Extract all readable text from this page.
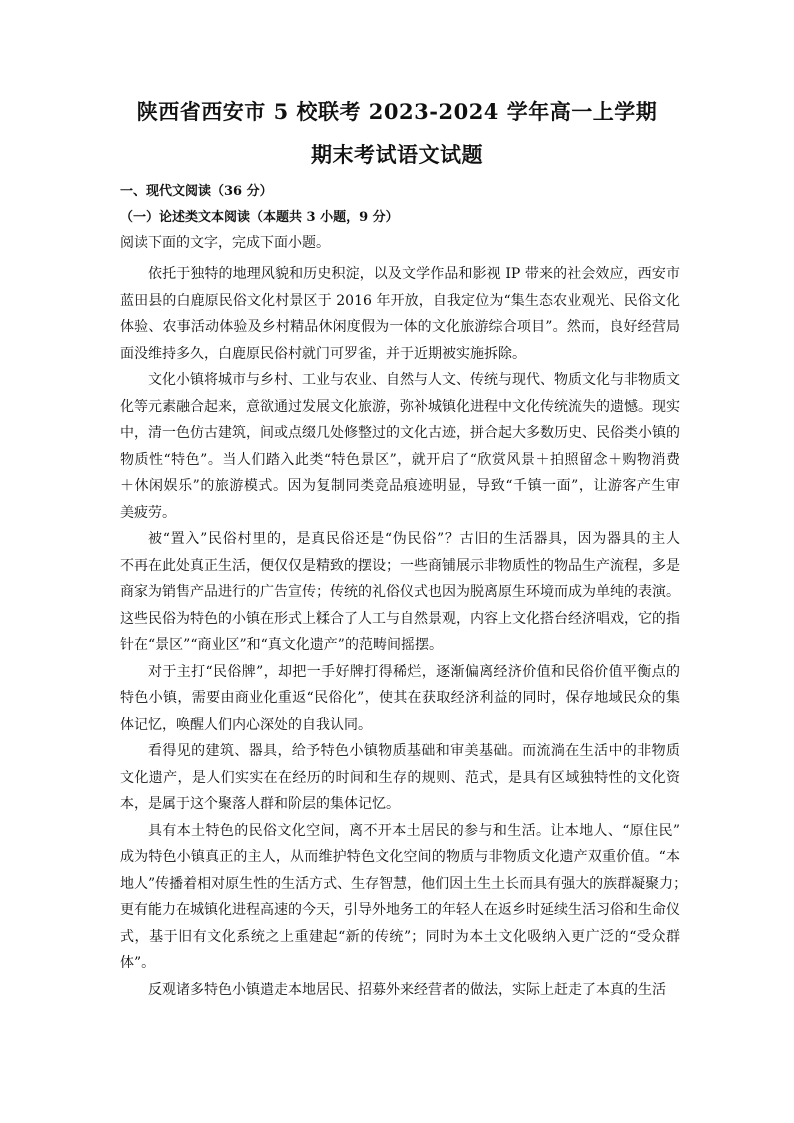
陕西省西安市 5 校联考 2023-2024 学年高一上学期
期末考试语文试题
一、现代文阅读（36 分）
（一）论述类文本阅读（本题共 3 小题，9 分）
阅读下面的文字，完成下面小题。
依托于独特的地理风貌和历史积淀，以及文学作品和影视 IP 带来的社会效应，西安市
蓝田县的白鹿原民俗文化村景区于 2016 年开放，自我定位为“集生态农业观光、民俗文化
体验、农事活动体验及乡村精品休闲度假为一体的文化旅游综合项目”。然而，良好经营局
面没维持多久，白鹿原民俗村就门可罗雀，并于近期被实施拆除。
文化小镇将城市与乡村、工业与农业、自然与人文、传统与现代、物质文化与非物质文
化等元素融合起来，意欲通过发展文化旅游，弥补城镇化进程中文化传统流失的遗憾。现实
中，清一色仿古建筑，间或点缀几处修整过的文化古迹，拼合起大多数历史、民俗类小镇的
物质性“特色”。当人们踏入此类“特色景区”，就开启了“欣赏风景＋拍照留念＋购物消费
＋休闲娱乐”的旅游模式。因为复制同类竞品痕迹明显，导致“千镇一面”，让游客产生审
美疲劳。
被“置入”民俗村里的，是真民俗还是“伪民俗”？古旧的生活器具，因为器具的主人
不再在此处真正生活，便仅仅是精致的摆设；一些商铺展示非物质性的物品生产流程，多是
商家为销售产品进行的广告宣传；传统的礼俗仪式也因为脱离原生环境而成为单纯的表演。
这些民俗为特色的小镇在形式上糅合了人工与自然景观，内容上文化搭台经济唱戏，它的指
针在“景区”“商业区”和“真文化遗产”的范畴间摇摆。
对于主打“民俗牌”，却把一手好牌打得稀烂，逐渐偏离经济价值和民俗价值平衡点的
特色小镇，需要由商业化重返“民俗化”，使其在获取经济利益的同时，保存地域民众的集
体记忆，唤醒人们内心深处的自我认同。
看得见的建筑、器具，给予特色小镇物质基础和审美基础。而流淌在生活中的非物质
文化遗产，是人们实实在在经历的时间和生存的规则、范式，是具有区域独特性的文化资
本，是属于这个聚落人群和阶层的集体记忆。
具有本土特色的民俗文化空间，离不开本土居民的参与和生活。让本地人、“原住民”
成为特色小镇真正的主人，从而维护特色文化空间的物质与非物质文化遗产双重价值。“本
地人”传播着相对原生性的生活方式、生存智慧，他们因土生土长而具有强大的族群凝聚力；
更有能力在城镇化进程高速的今天，引导外地务工的年轻人在返乡时延续生活习俗和生命仪
式，基于旧有文化系统之上重建起“新的传统”；同时为本土文化吸纳入更广泛的“受众群
体”。
反观诸多特色小镇遣走本地居民、招募外来经营者的做法，实际上赶走了本真的生活
